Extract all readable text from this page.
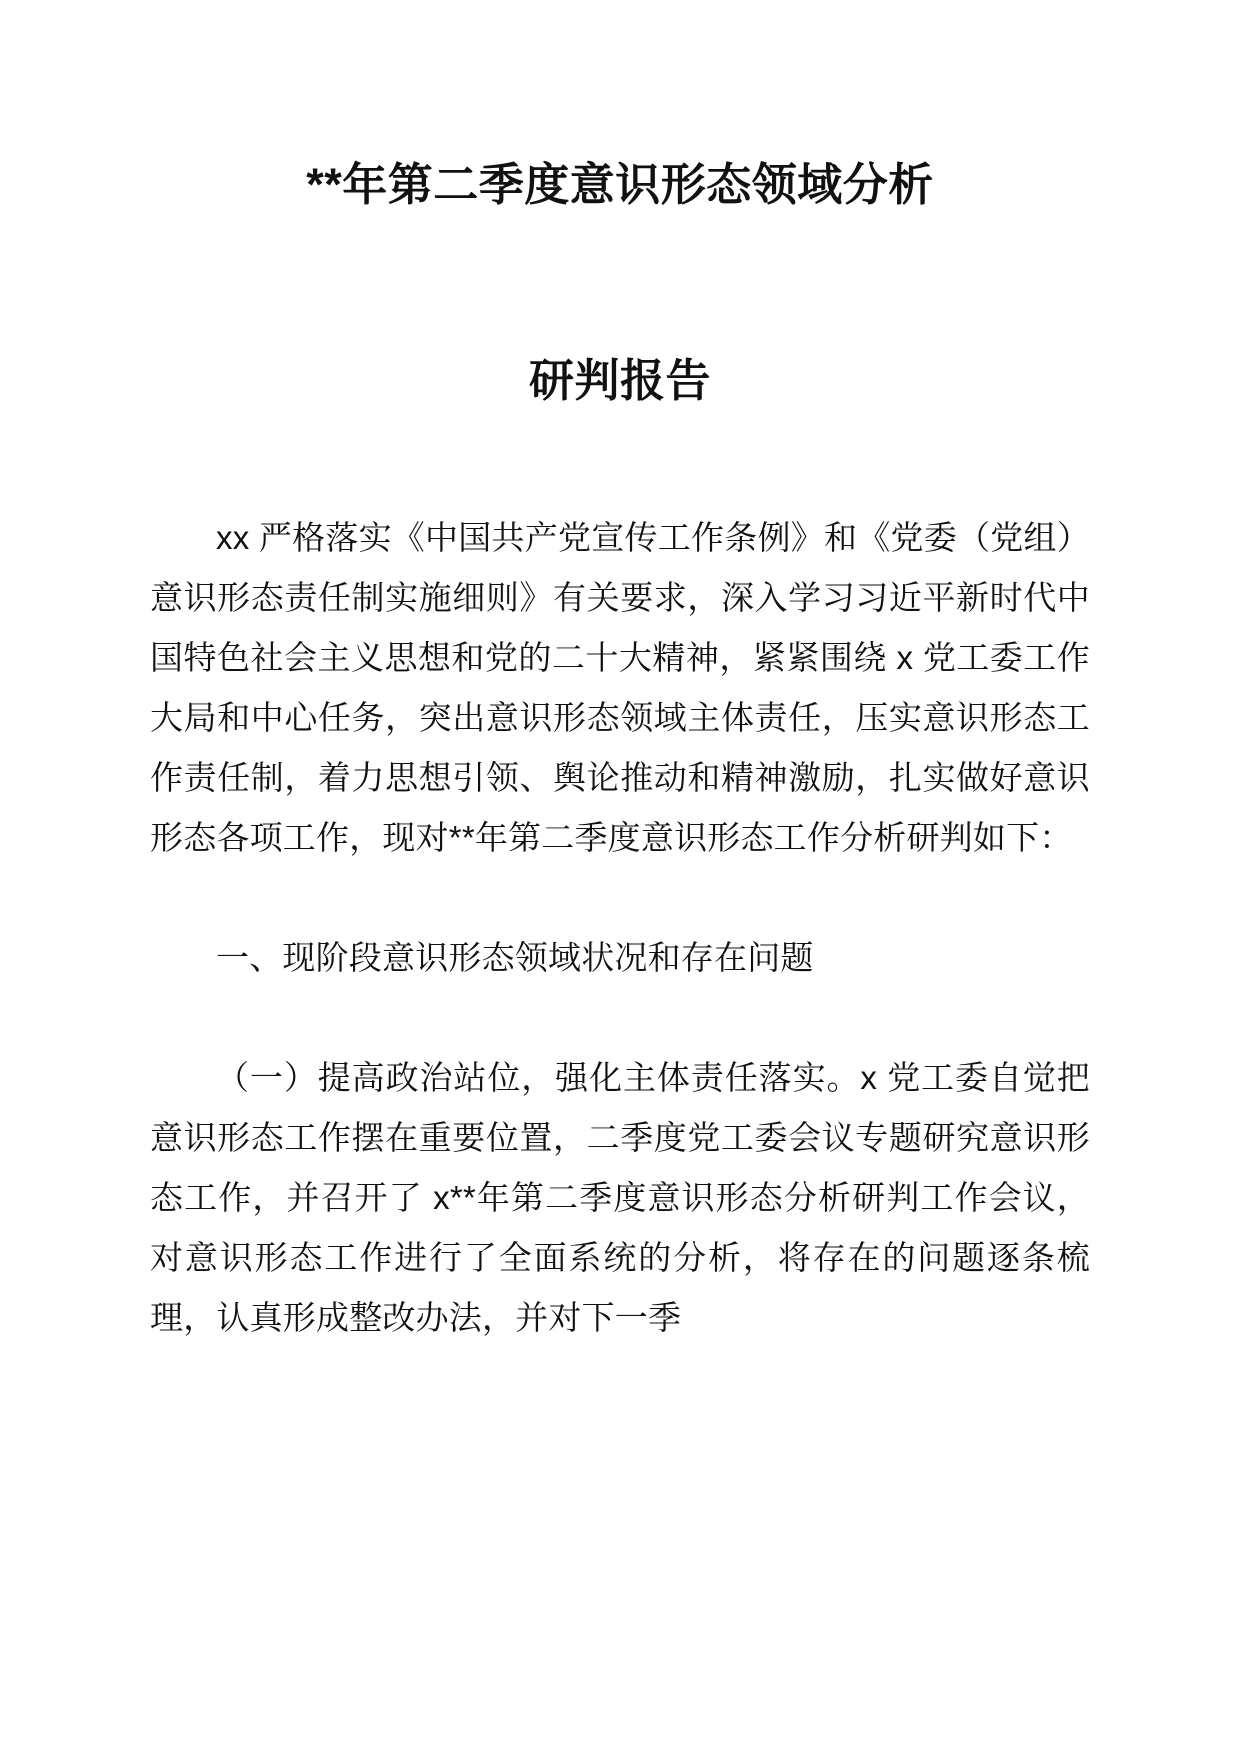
**年第二季度意识形态领域分析
研判报告

xx 严格落实《中国共产党宣传工作条例》和《党委（党组）意识形态责任制实施细则》有关要求，深入学习习近平新时代中国特色社会主义思想和党的二十大精神，紧紧围绕 x 党工委工作大局和中心任务，突出意识形态领域主体责任，压实意识形态工作责任制，着力思想引领、舆论推动和精神激励，扎实做好意识形态各项工作，现对**年第二季度意识形态工作分析研判如下：

一、现阶段意识形态领域状况和存在问题

（一）提高政治站位，强化主体责任落实。x 党工委自觉把意识形态工作摆在重要位置，二季度党工委会议专题研究意识形态工作，并召开了 x**年第二季度意识形态分析研判工作会议，对意识形态工作进行了全面系统的分析，将存在的问题逐条梳理，认真形成整改办法，并对下一季
